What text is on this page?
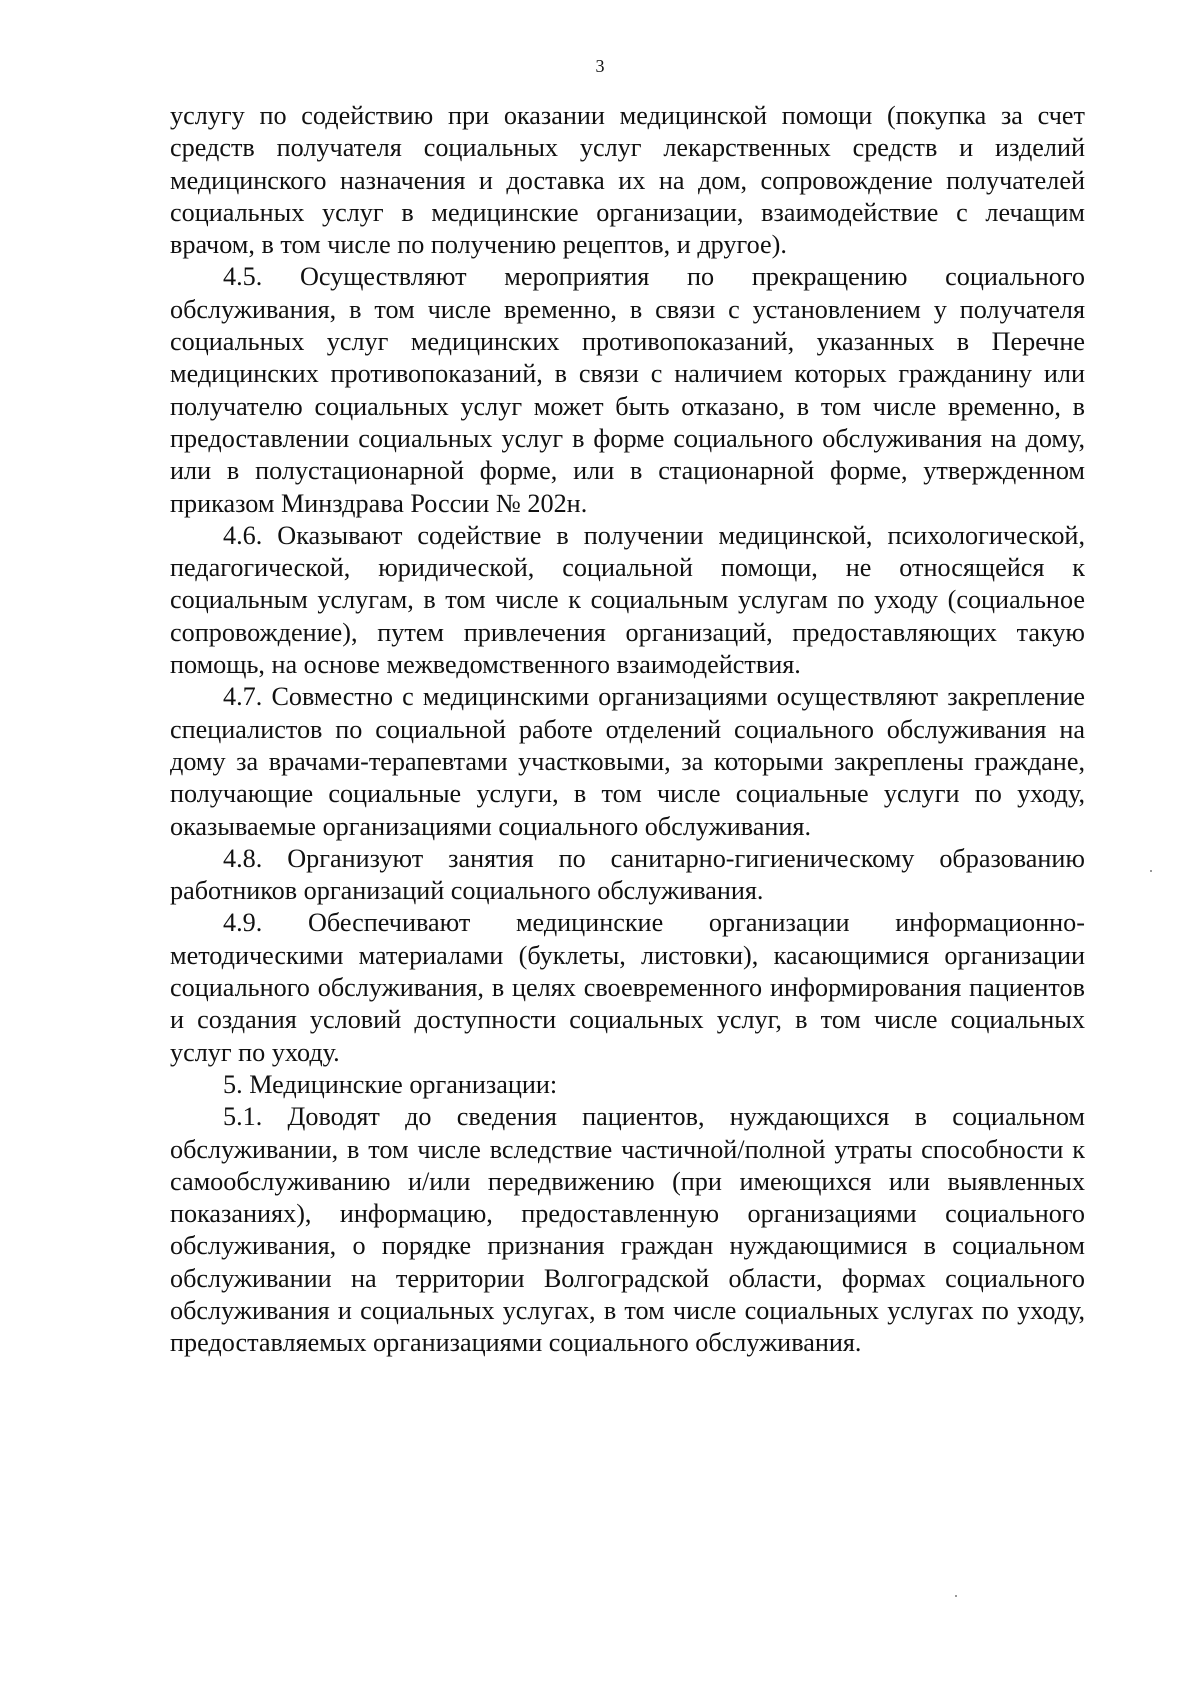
3

услугу по содействию при оказании медицинской помощи (покупка за счет средств получателя социальных услуг лекарственных средств и изделий медицинского назначения и доставка их на дом, сопровождение получателей социальных услуг в медицинские организации, взаимодействие с лечащим врачом, в том числе по получению рецептов, и другое).

4.5. Осуществляют мероприятия по прекращению социального обслуживания, в том числе временно, в связи с установлением у получателя социальных услуг медицинских противопоказаний, указанных в Перечне медицинских противопоказаний, в связи с наличием которых гражданину или получателю социальных услуг может быть отказано, в том числе временно, в предоставлении социальных услуг в форме социального обслуживания на дому, или в полустационарной форме, или в стационарной форме, утвержденном приказом Минздрава России № 202н.

4.6. Оказывают содействие в получении медицинской, психологической, педагогической, юридической, социальной помощи, не относящейся к социальным услугам, в том числе к социальным услугам по уходу (социальное сопровождение), путем привлечения организаций, предоставляющих такую помощь, на основе межведомственного взаимодействия.

4.7. Совместно с медицинскими организациями осуществляют закрепление специалистов по социальной работе отделений социального обслуживания на дому за врачами-терапевтами участковыми, за которыми закреплены граждане, получающие социальные услуги, в том числе социальные услуги по уходу, оказываемые организациями социального обслуживания.

4.8. Организуют занятия по санитарно-гигиеническому образованию работников организаций социального обслуживания.

4.9. Обеспечивают медицинские организации информационно-методическими материалами (буклеты, листовки), касающимися организации социального обслуживания, в целях своевременного информирования пациентов и создания условий доступности социальных услуг, в том числе социальных услуг по уходу.

5. Медицинские организации:

5.1. Доводят до сведения пациентов, нуждающихся в социальном обслуживании, в том числе вследствие частичной/полной утраты способности к самообслуживанию и/или передвижению (при имеющихся или выявленных показаниях), информацию, предоставленную организациями социального обслуживания, о порядке признания граждан нуждающимися в социальном обслуживании на территории Волгоградской области, формах социального обслуживания и социальных услугах, в том числе социальных услугах по уходу, предоставляемых организациями социального обслуживания.
